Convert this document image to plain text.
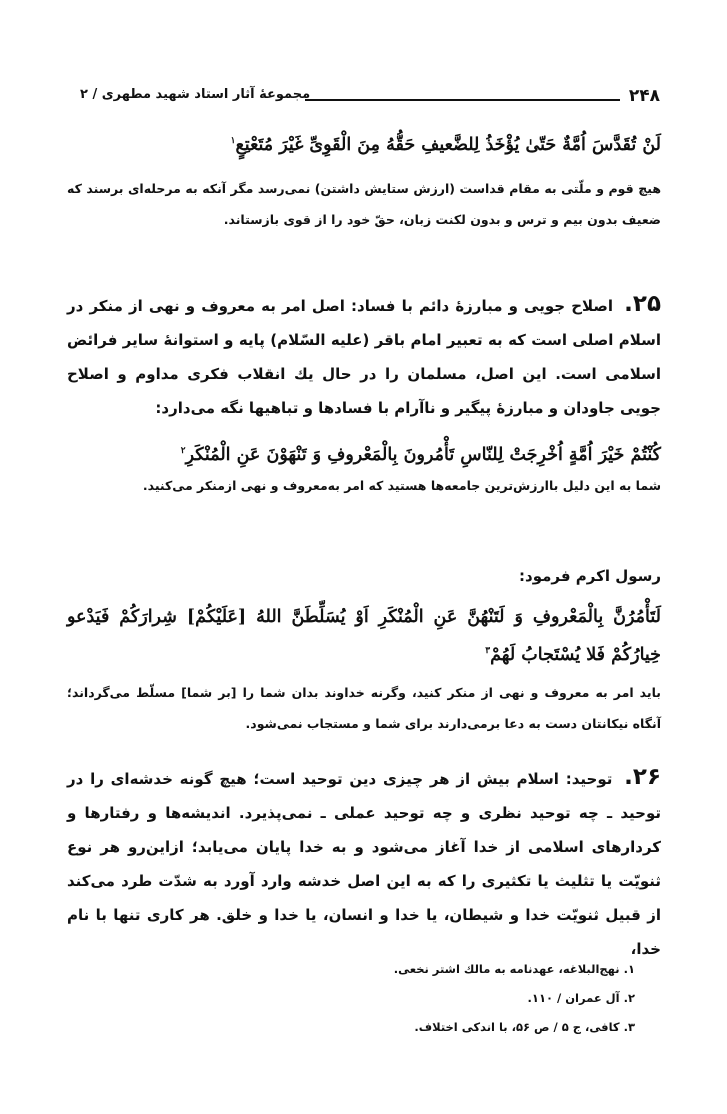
۲۴۸
مجموعهٔ آثار استاد شهید مطهری / ۲
لَنْ تُقَدَّسَ اُمَّةٌ حَتّیٰ یُؤْخَذُ لِلضَّعیفِ حَقُّهُ مِنَ الْقَوِیِّ غَیْرَ مُتَعْتِعٍ$^۱$
هیچ قوم و ملّتی به مقام قداست (ارزش ستایش داشتن) نمی‌رسد مگر آنکه به مرحله‌ای برسند که ضعیف بدون بیم و ترس و بدون لکنت زبان، حقّ خود را از قوی بازستاند.
۲۵. اصلاح جویی و مبارزهٔ دائم با فساد: اصل امر به معروف و نهی از منکر در اسلام اصلی است که به تعبیر امام باقر (علیه السّلام) پایه و استوانهٔ سایر فرائض اسلامی است. این اصل، مسلمان را در حال یك انقلاب فکری مداوم و اصلاح جویی جاودان و مبارزهٔ پیگیر و ناآرام با فسادها و تباهیها نگه می‌دارد:
کُنْتُمْ خَیْرَ اُمَّةٍ اُخْرِجَتْ لِلنّاسِ تَأْمُرونَ بِالْمَعْروفِ وَ تَنْهَوْنَ عَنِ الْمُنْکَرِ$^۲$
شما به این دلیل باارزش‌ترین جامعه‌ها هستید که امر به‌معروف و نهی ازمنکر می‌کنید.
رسول اکرم فرمود:
لَتَأْمُرُنَّ بِالْمَعْروفِ وَ لَتَنْهُنَّ عَنِ الْمُنْکَرِ اَوْ یُسَلِّطَنَّ اللهُ [عَلَیْکُمْ] شِرارَکُمْ فَیَدْعو خِیارُکُمْ فَلا یُسْتَجابُ لَهُمْ$^۳$
باید امر به معروف و نهی از منکر کنید، وگرنه خداوند بدان شما را [بر شما] مسلّط می‌گرداند؛ آنگاه نیکانتان دست به دعا برمی‌دارند برای شما و مستجاب نمی‌شود.
۲۶. توحید: اسلام بیش از هر چیزی دین توحید است؛ هیچ گونه خدشه‌ای را در توحید ـ چه توحید نظری و چه توحید عملی ـ نمی‌پذیرد. اندیشه‌ها و رفتارها و کردارهای اسلامی از خدا آغاز می‌شود و به خدا پایان می‌یابد؛ ازاین‌رو هر نوع ثنویّت یا تثلیث یا تکثیری را که به این اصل خدشه وارد آورد به شدّت طرد می‌کند از قبیل ثنویّت خدا و شیطان، یا خدا و انسان، یا خدا و خلق. هر کاری تنها با نام خدا،
۱. نهج‌البلاغه، عهدنامه به مالك اشتر نخعی.
۲. آل عمران / ۱۱۰.
۳. کافی، ج ۵ / ص ۵۶، با اندکی اختلاف.
